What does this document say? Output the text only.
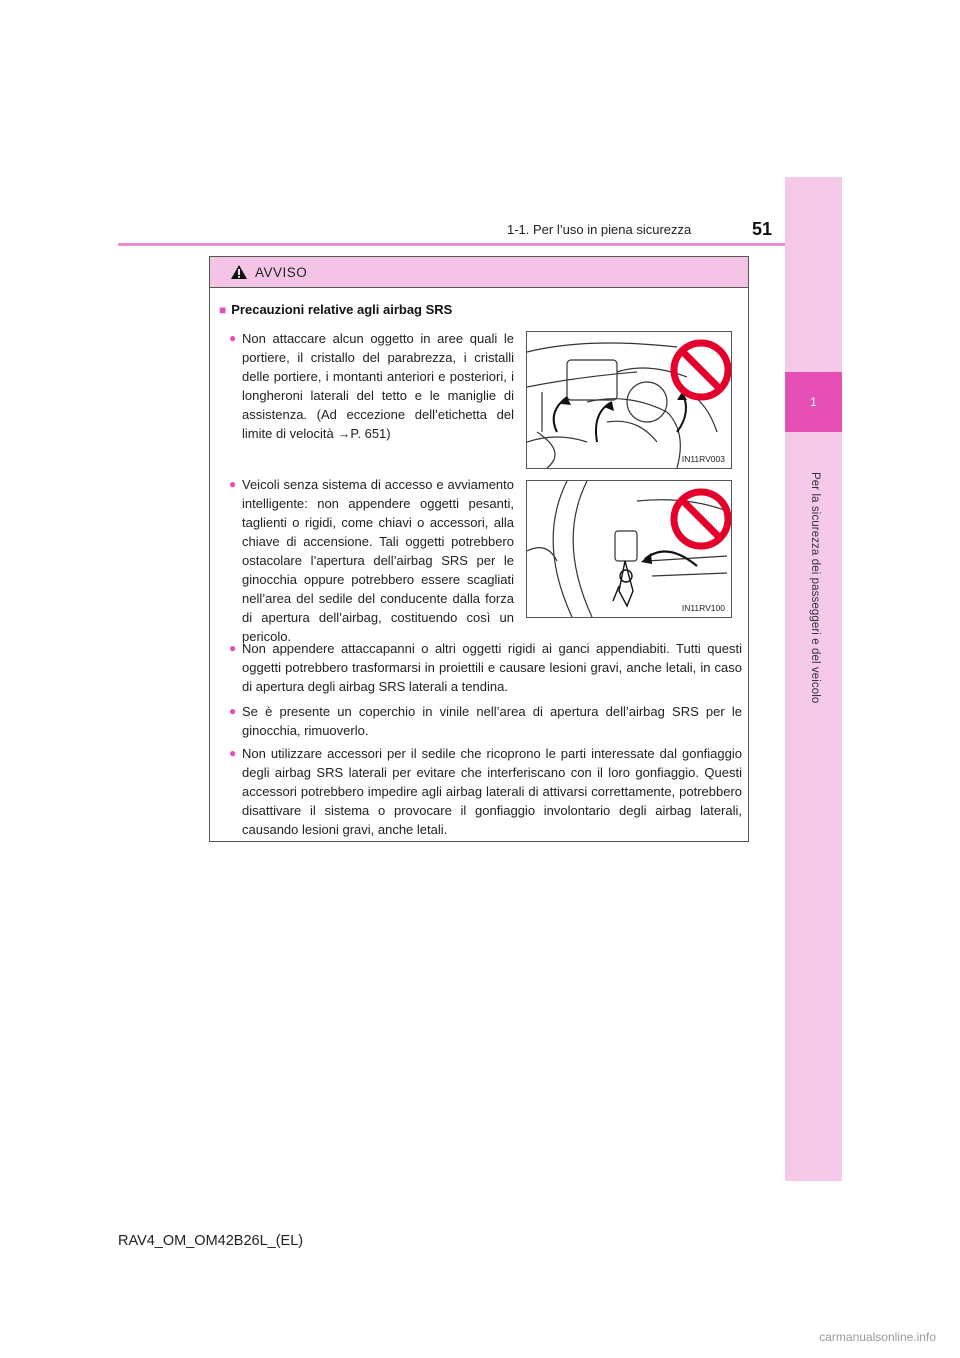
1-1. Per l’uso in piena sicurezza	51
1
Per la sicurezza dei passeggeri e del veicolo
AVVISO
■ Precauzioni relative agli airbag SRS
● Non attaccare alcun oggetto in aree quali le portiere, il cristallo del parabrezza, i cristalli delle portiere, i montanti anteriori e posteriori, i longheroni laterali del tetto e le maniglie di assistenza. (Ad eccezione dell’etichetta del limite di velocità →P. 651)
IN11RV003
● Veicoli senza sistema di accesso e avviamento intelligente: non appendere oggetti pesanti, taglienti o rigidi, come chiavi o accessori, alla chiave di accensione. Tali oggetti potrebbero ostacolare l’apertura dell’airbag SRS per le ginocchia oppure potrebbero essere scagliati nell’area del sedile del conducente dalla forza di apertura dell’airbag, costituendo così un pericolo.
IN11RV100
● Non appendere attaccapanni o altri oggetti rigidi ai ganci appendiabiti. Tutti questi oggetti potrebbero trasformarsi in proiettili e causare lesioni gravi, anche letali, in caso di apertura degli airbag SRS laterali a tendina.
● Se è presente un coperchio in vinile nell’area di apertura dell’airbag SRS per le ginocchia, rimuoverlo.
● Non utilizzare accessori per il sedile che ricoprono le parti interessate dal gonfiaggio degli airbag SRS laterali per evitare che interferiscano con il loro gonfiaggio. Questi accessori potrebbero impedire agli airbag laterali di attivarsi correttamente, potrebbero disattivare il sistema o provocare il gonfiaggio involontario degli airbag laterali, causando lesioni gravi, anche letali.
RAV4_OM_OM42B26L_(EL)
carmanualsonline.info
